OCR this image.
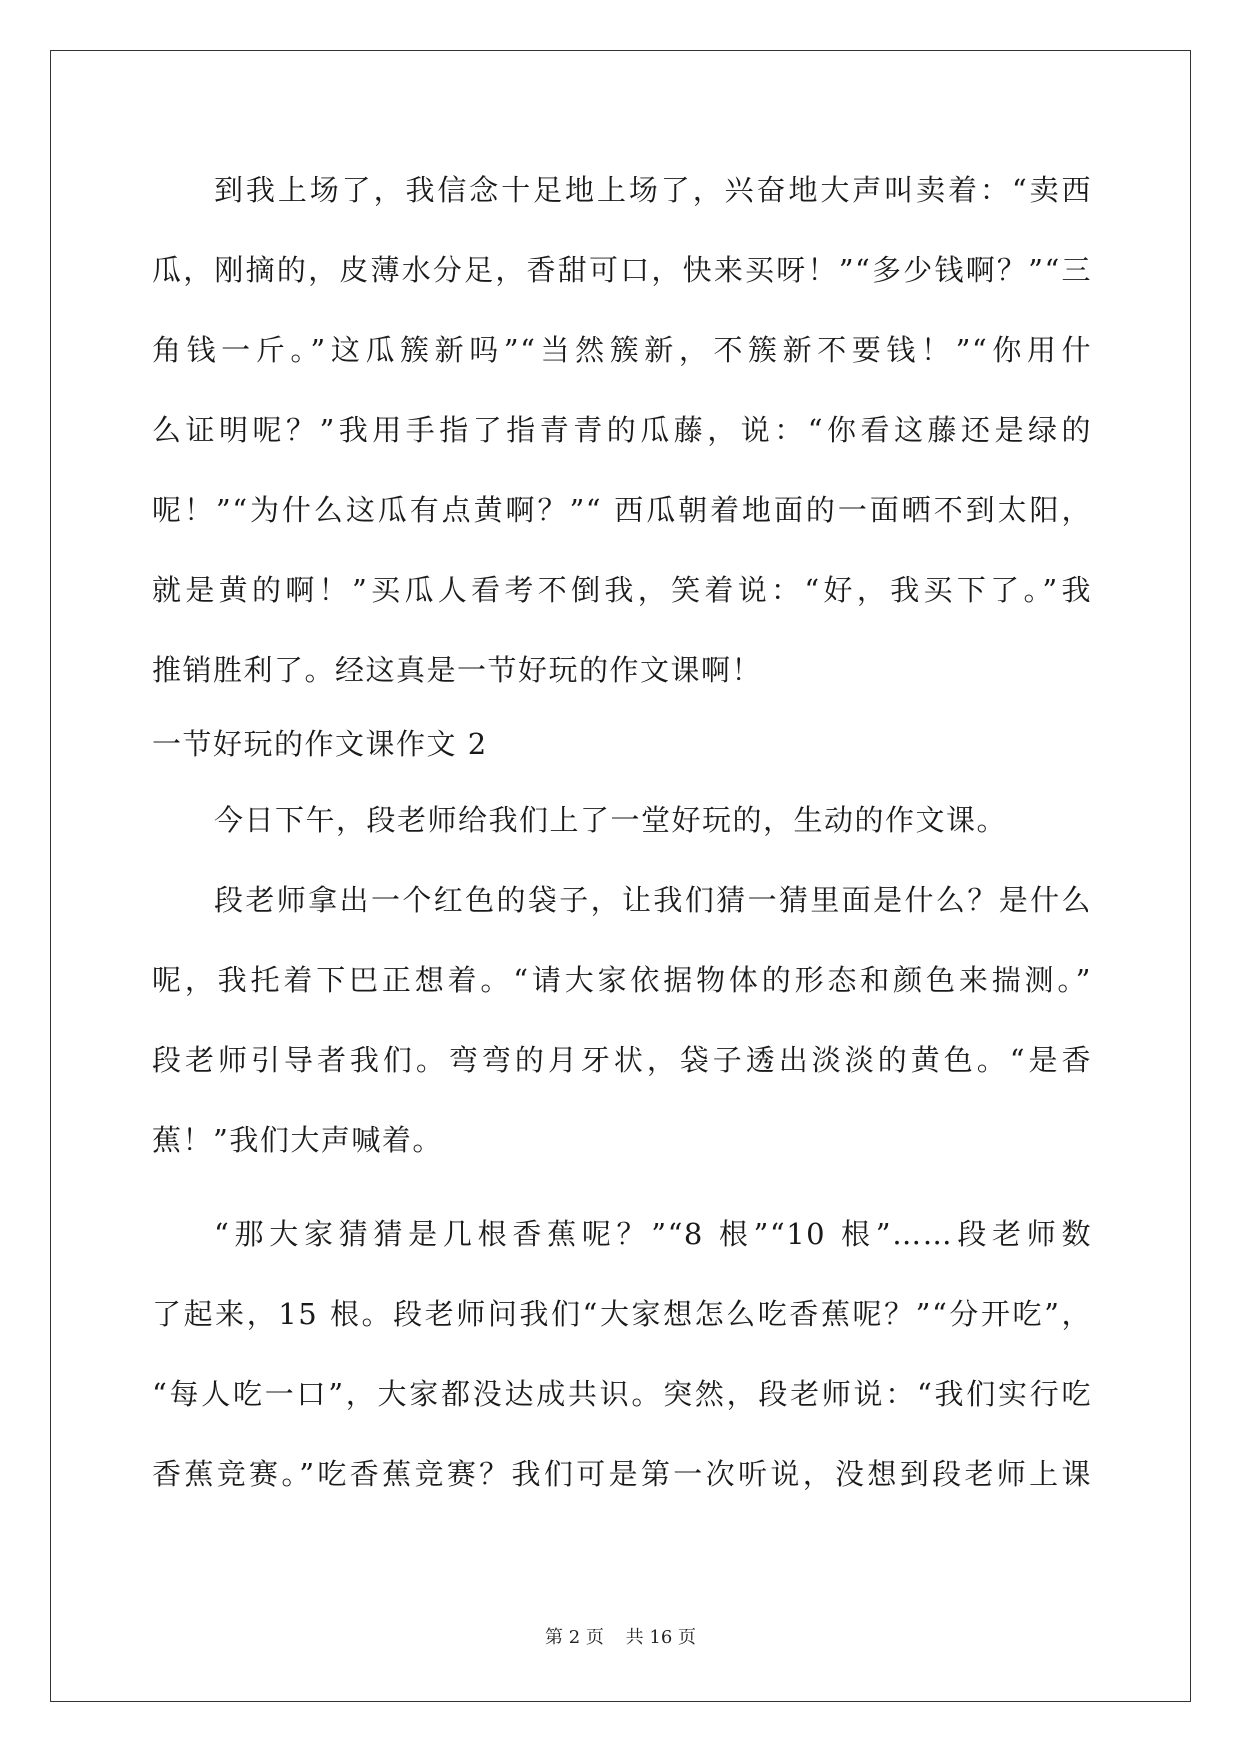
到我上场了，我信念十足地上场了，兴奋地大声叫卖着：“卖西
瓜，刚摘的，皮薄水分足，香甜可口，快来买呀！”“多少钱啊？”“三
角钱一斤。”这瓜簇新吗”“当然簇新，不簇新不要钱！”“你用什
么证明呢？”我用手指了指青青的瓜藤，说：“你看这藤还是绿的
呢！”“为什么这瓜有点黄啊？”“ 西瓜朝着地面的一面晒不到太阳，
就是黄的啊！”买瓜人看考不倒我，笑着说：“好，我买下了。”我
推销胜利了。经这真是一节好玩的作文课啊！
一节好玩的作文课作文 2
今日下午，段老师给我们上了一堂好玩的，生动的作文课。
段老师拿出一个红色的袋子，让我们猜一猜里面是什么？是什么
呢，我托着下巴正想着。“请大家依据物体的形态和颜色来揣测。”
段老师引导者我们。弯弯的月牙状，袋子透出淡淡的黄色。“是香
蕉！”我们大声喊着。
“那大家猜猜是几根香蕉呢？”“8 根”“10 根”……段老师数
了起来，15 根。段老师问我们“大家想怎么吃香蕉呢？”“分开吃”，
“每人吃一口”，大家都没达成共识。突然，段老师说：“我们实行吃
香蕉竞赛。”吃香蕉竞赛？我们可是第一次听说，没想到段老师上课
第 2 页 共 16 页
